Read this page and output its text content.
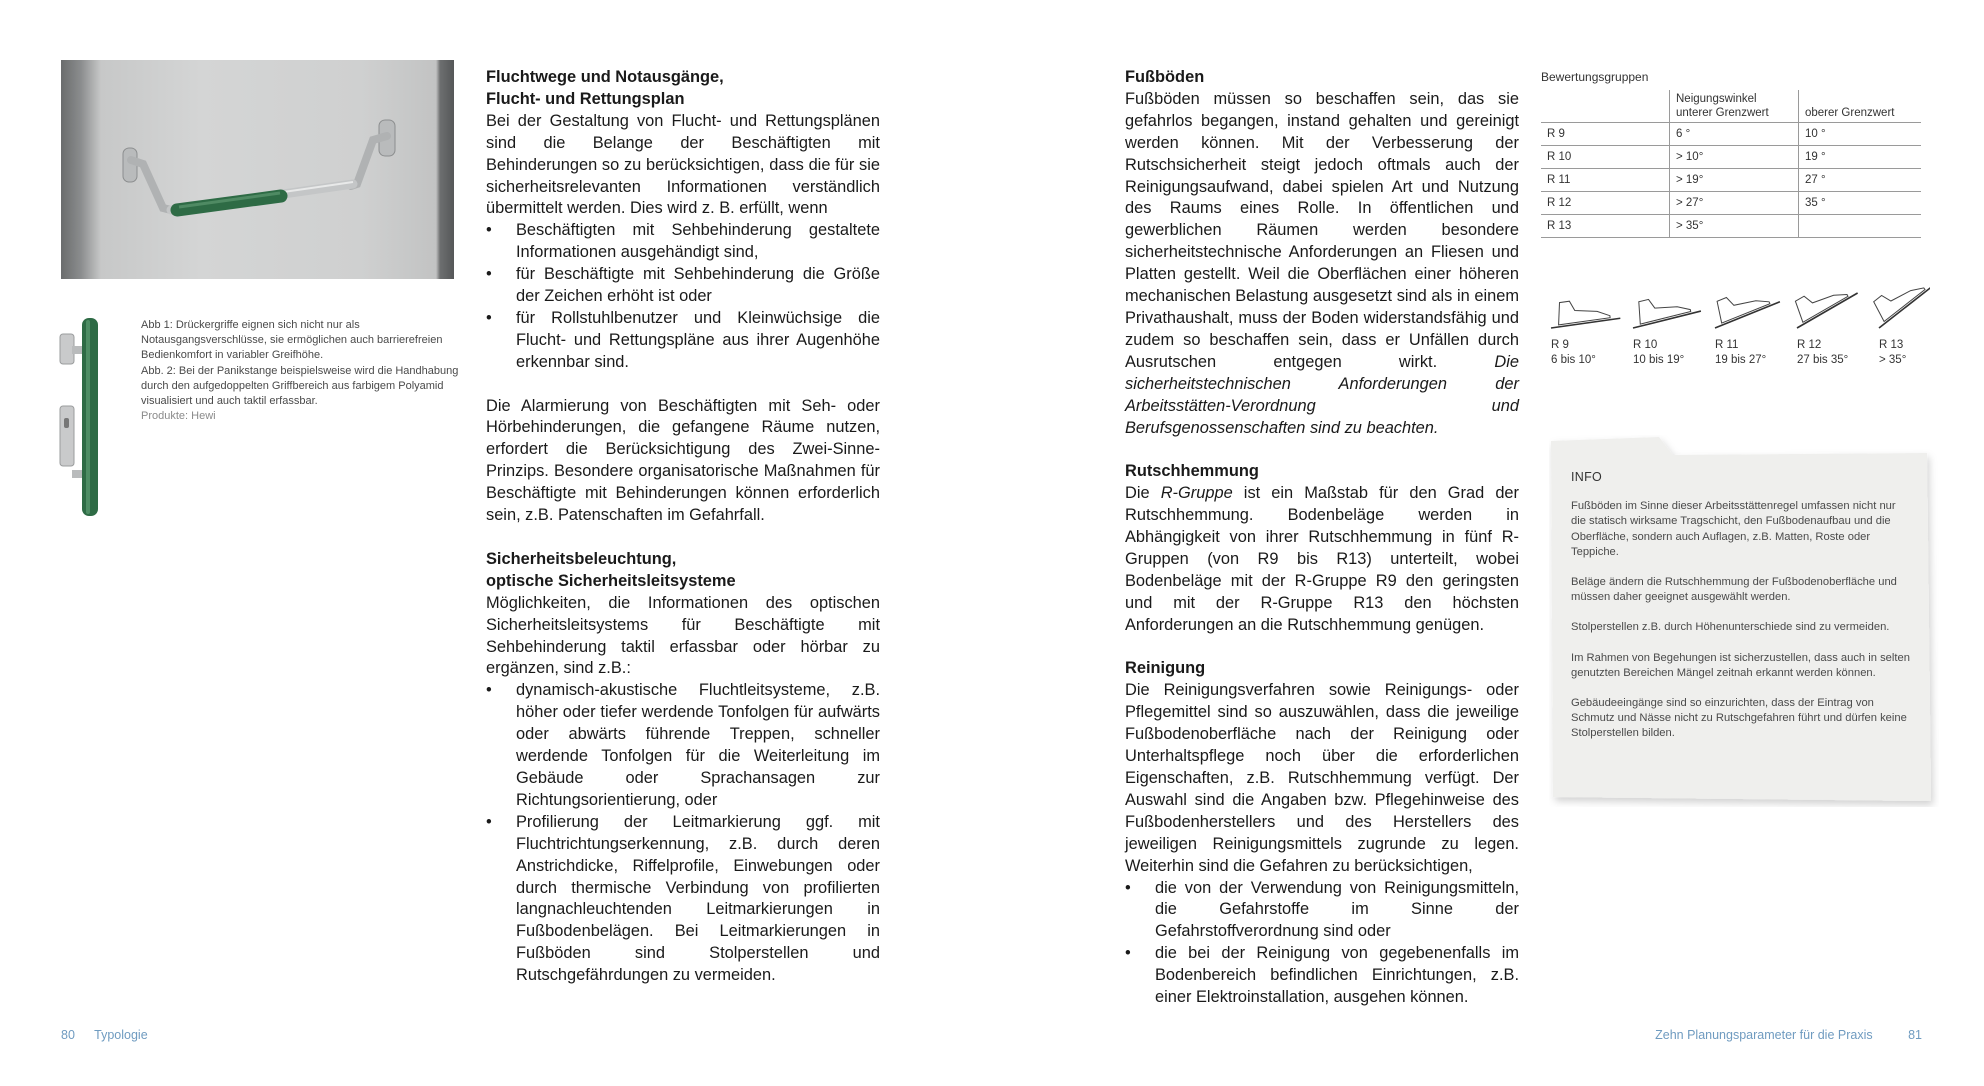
Abb 1: Drückergriffe eignen sich nicht nur als Notausgangsverschlüsse, sie ermöglichen auch barrierefreien Bedienkomfort in variabler Greifhöhe.

Abb. 2: Bei der Panikstange beispielsweise wird die Handhabung durch den aufgedoppelten Griffbereich aus farbigem Polyamid visualisiert und auch taktil erfassbar.

Produkte: Hewi

Fluchtwege und Notausgänge,
Flucht- und Rettungsplan

Bei der Gestaltung von Flucht- und Rettungsplänen sind die Belange der Beschäftigten mit Behinderungen so zu berücksichtigen, dass die für sie sicherheitsrelevanten Informationen verständlich übermittelt werden. Dies wird z. B. erfüllt, wenn

• Beschäftigten mit Sehbehinderung gestaltete Informationen ausgehändigt sind,
• für Beschäftigte mit Sehbehinderung die Größe der Zeichen erhöht ist oder
• für Rollstuhlbenutzer und Kleinwüchsige die Flucht- und Rettungspläne aus ihrer Augenhöhe erkennbar sind.

Die Alarmierung von Beschäftigten mit Seh- oder Hörbehinderungen, die gefangene Räume nutzen, erfordert die Berücksichtigung des Zwei-Sinne-Prinzips. Besondere organisatorische Maßnahmen für Beschäftigte mit Behinderungen können erforderlich sein, z.B. Patenschaften im Gefahrfall.

Sicherheitsbeleuchtung,
optische Sicherheitsleitsysteme

Möglichkeiten, die Informationen des optischen Sicherheitsleitsystems für Beschäftigte mit Sehbehinderung taktil erfassbar oder hörbar zu ergänzen, sind z.B.:

• dynamisch-akustische Fluchtleitsysteme, z.B. höher oder tiefer werdende Tonfolgen für aufwärts oder abwärts führende Treppen, schneller werdende Tonfolgen für die Weiterleitung im Gebäude oder Sprachansagen zur Richtungsorientierung, oder
• Profilierung der Leitmarkierung ggf. mit Fluchtrichtungserkennung, z.B. durch deren Anstrichdicke, Riffelprofile, Einwebungen oder durch thermische Verbindung von profilierten langnachleuchtenden Leitmarkierungen in Fußbodenbelägen. Bei Leitmarkierungen in Fußböden sind Stolperstellen und Rutschgefährdungen zu vermeiden.
Fußböden

Fußböden müssen so beschaffen sein, das sie gefahrlos begangen, instand gehalten und gereinigt werden können. Mit der Verbesserung der Rutschsicherheit steigt jedoch oftmals auch der Reinigungsaufwand, dabei spielen Art und Nutzung des Raums eines Rolle. In öffentlichen und gewerblichen Räumen werden besondere sicherheitstechnische Anforderungen an Fliesen und Platten gestellt. Weil die Oberflächen einer höheren mechanischen Belastung ausgesetzt sind als in einem Privathaushalt, muss der Boden widerstandsfähig und zudem so beschaffen sein, dass er Unfällen durch Ausrutschen entgegen wirkt.	Die sicherheitstechnischen Anforderungen der Arbeitsstätten-Verordnung und Berufsgenossenschaften sind zu beachten.

Rutschhemmung

Die R-Gruppe ist ein Maßstab für den Grad der Rutschhemmung. Bodenbeläge werden in Abhängigkeit von ihrer Rutschhemmung in fünf R-Gruppen (von R9 bis R13) unterteilt, wobei Bodenbeläge mit der R-Gruppe R9 den geringsten und mit der R-Gruppe R13 den höchsten Anforderungen an die Rutschhemmung genügen.

Reinigung

Die Reinigungsverfahren sowie Reinigungs- oder Pflegemittel sind so auszuwählen, dass die jeweilige Fußbodenoberfläche nach der Reinigung oder Unterhaltspflege noch über die erforderlichen Eigenschaften, z.B. Rutschhemmung verfügt. Der Auswahl sind die Angaben bzw. Pflegehinweise des Fußbodenherstellers und des Herstellers des jeweiligen Reinigungsmittels zugrunde zu legen. Weiterhin sind die Gefahren zu berücksichtigen,

• die von der Verwendung von Reinigungsmitteln, die Gefahrstoffe im Sinne der Gefahrstoffverordnung sind oder
• die bei der Reinigung von gegebenenfalls im Bodenbereich befindlichen Einrichtungen, z.B. einer Elektroinstallation, ausgehen können.
Bewertungsgruppen
	Neigungswinkel
unterer Grenzwert	oberer Grenzwert
R 9	6 °	10 °
R 10	> 10°	19 °
R 11	> 19°	27 °
R 12	> 27°	35 °
R 13	> 35°	
R 9
6 bis 10°
R 10
10 bis 19°
R 11
19 bis 27°
R 12
27 bis 35°
R 13
> 35°
INFO

Fußböden im Sinne dieser Arbeitsstättenregel umfassen nicht nur die statisch wirksame Tragschicht, den Fußbodenaufbau und die Oberfläche, sondern auch Auflagen, z.B. Matten, Roste oder Teppiche.

Beläge ändern die Rutschhemmung der Fußbodenoberfläche und müssen daher geeignet ausgewählt werden.

Stolperstellen z.B. durch Höhenunterschiede sind zu vermeiden.

Im Rahmen von Begehungen ist sicherzustellen, dass auch in selten genutzten Bereichen Mängel zeitnah erkannt werden können.

Gebäudeeingänge sind so einzurichten, dass der Eintrag von Schmutz und Nässe nicht zu Rutschgefahren führt und dürfen keine Stolperstellen bilden.

80 Typologie	Zehn Planungsparameter für die Praxis	81
